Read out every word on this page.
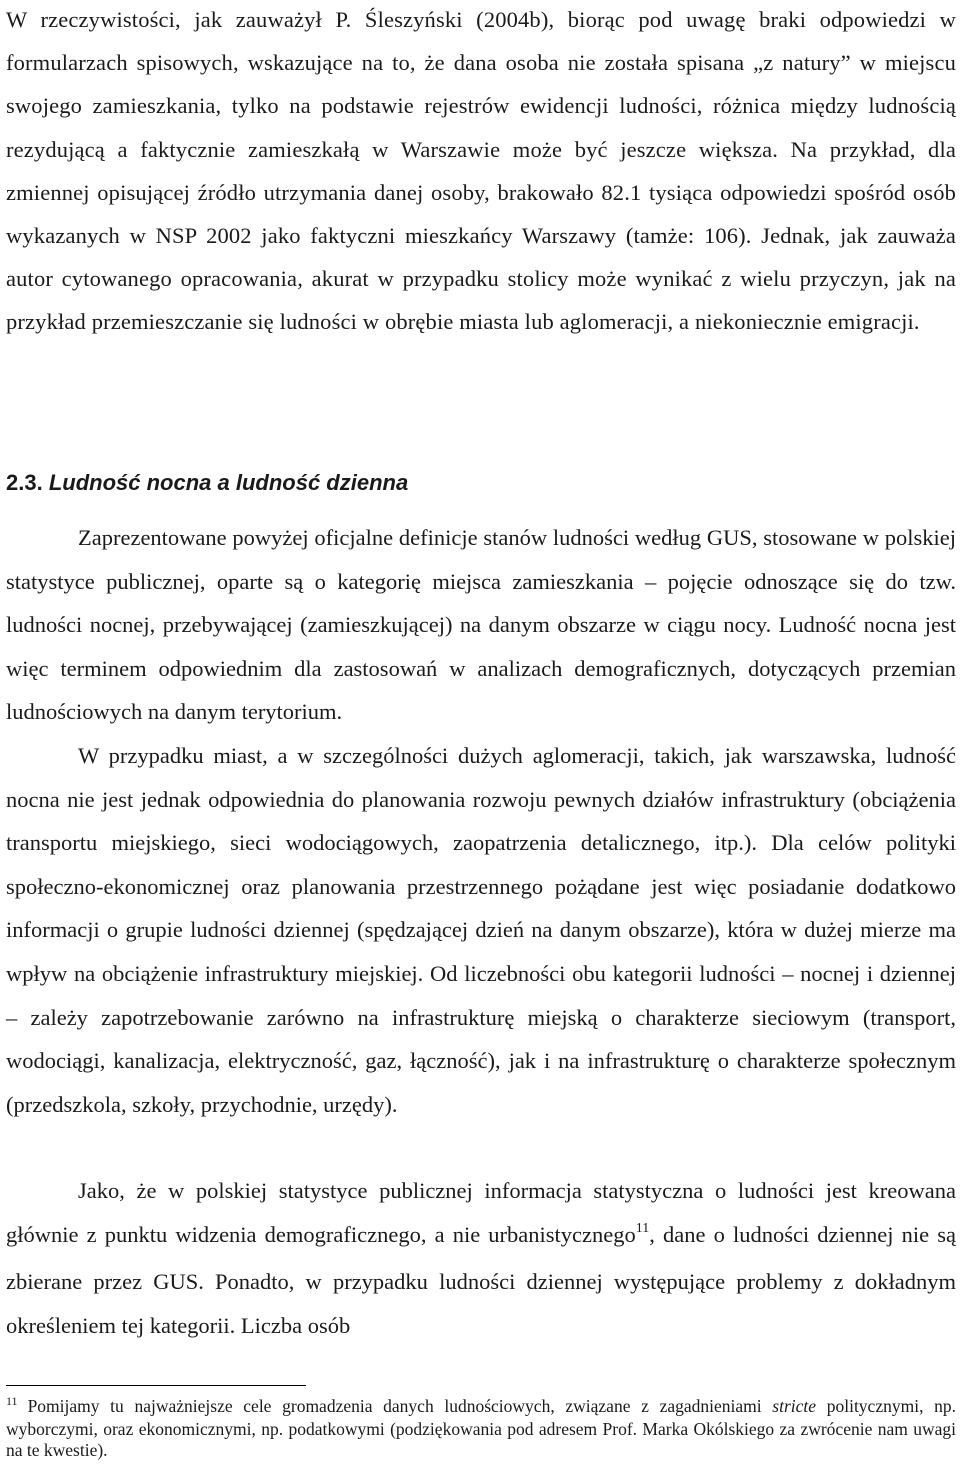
W rzeczywistości, jak zauważył P. Śleszyński (2004b), biorąc pod uwagę braki odpowiedzi w formularzach spisowych, wskazujące na to, że dana osoba nie została spisana „z natury” w miejscu swojego zamieszkania, tylko na podstawie rejestrów ewidencji ludności, różnica między ludnością rezydującą a faktycznie zamieszkałą w Warszawie może być jeszcze większa. Na przykład, dla zmiennej opisującej źródło utrzymania danej osoby, brakowało 82.1 tysiąca odpowiedzi spośród osób wykazanych w NSP 2002 jako faktyczni mieszkańcy Warszawy (tamże: 106). Jednak, jak zauważa autor cytowanego opracowania, akurat w przypadku stolicy może wynikać z wielu przyczyn, jak na przykład przemieszczanie się ludności w obrębie miasta lub aglomeracji, a niekoniecznie emigracji.

2.3. Ludność nocna a ludność dzienna

Zaprezentowane powyżej oficjalne definicje stanów ludności według GUS, stosowane w polskiej statystyce publicznej, oparte są o kategorię miejsca zamieszkania – pojęcie odnoszące się do tzw. ludności nocnej, przebywającej (zamieszkującej) na danym obszarze w ciągu nocy. Ludność nocna jest więc terminem odpowiednim dla zastosowań w analizach demograficznych, dotyczących przemian ludnościowych na danym terytorium.

W przypadku miast, a w szczególności dużych aglomeracji, takich, jak warszawska, ludność nocna nie jest jednak odpowiednia do planowania rozwoju pewnych działów infrastruktury (obciążenia transportu miejskiego, sieci wodociągowych, zaopatrzenia detalicznego, itp.). Dla celów polityki społeczno-ekonomicznej oraz planowania przestrzennego pożądane jest więc posiadanie dodatkowo informacji o grupie ludności dziennej (spędzającej dzień na danym obszarze), która w dużej mierze ma wpływ na obciążenie infrastruktury miejskiej. Od liczebności obu kategorii ludności – nocnej i dziennej – zależy zapotrzebowanie zarówno na infrastrukturę miejską o charakterze sieciowym (transport, wodociągi, kanalizacja, elektryczność, gaz, łączność), jak i na infrastrukturę o charakterze społecznym (przedszkola, szkoły, przychodnie, urzędy).

Jako, że w polskiej statystyce publicznej informacja statystyczna o ludności jest kreowana głównie z punktu widzenia demograficznego, a nie urbanistycznego$^{11}$, dane o ludności dziennej nie są zbierane przez GUS. Ponadto, w przypadku ludności dziennej występujące problemy z dokładnym określeniem tej kategorii. Liczba osób

$^{11}$ Pomijamy tu najważniejsze cele gromadzenia danych ludnościowych, związane z zagadnieniami stricte politycznymi, np. wyborczymi, oraz ekonomicznymi, np. podatkowymi (podziękowania pod adresem Prof. Marka Okólskiego za zwrócenie nam uwagi na te kwestie).
